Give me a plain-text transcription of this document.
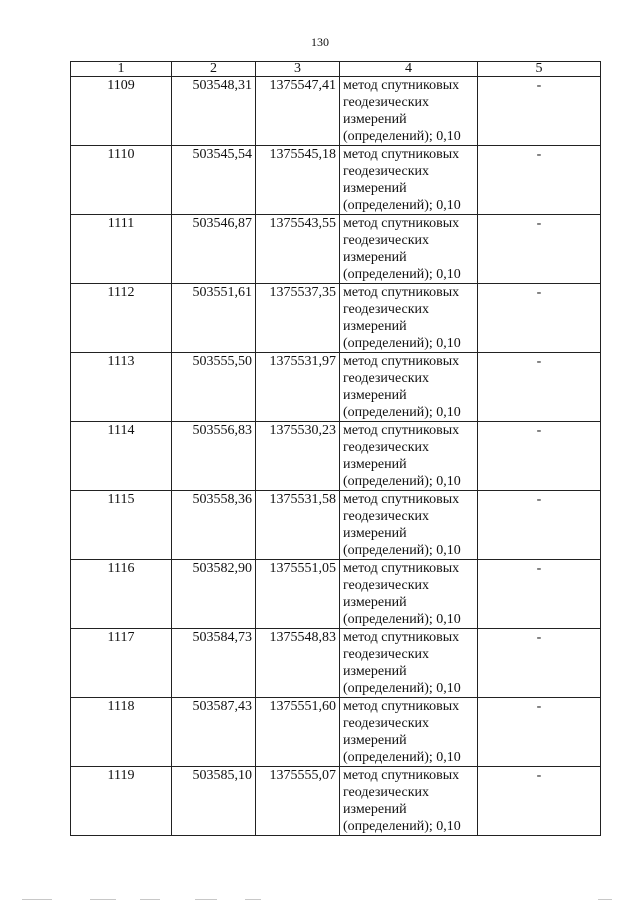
130
1	2	3	4	5
1109	503548,31	1375547,41	метод спутниковых геодезических измерений (определений); 0,10	-
1110	503545,54	1375545,18	метод спутниковых геодезических измерений (определений); 0,10	-
1111	503546,87	1375543,55	метод спутниковых геодезических измерений (определений); 0,10	-
1112	503551,61	1375537,35	метод спутниковых геодезических измерений (определений); 0,10	-
1113	503555,50	1375531,97	метод спутниковых геодезических измерений (определений); 0,10	-
1114	503556,83	1375530,23	метод спутниковых геодезических измерений (определений); 0,10	-
1115	503558,36	1375531,58	метод спутниковых геодезических измерений (определений); 0,10	-
1116	503582,90	1375551,05	метод спутниковых геодезических измерений (определений); 0,10	-
1117	503584,73	1375548,83	метод спутниковых геодезических измерений (определений); 0,10	-
1118	503587,43	1375551,60	метод спутниковых геодезических измерений (определений); 0,10	-
1119	503585,10	1375555,07	метод спутниковых геодезических измерений (определений); 0,10	-
